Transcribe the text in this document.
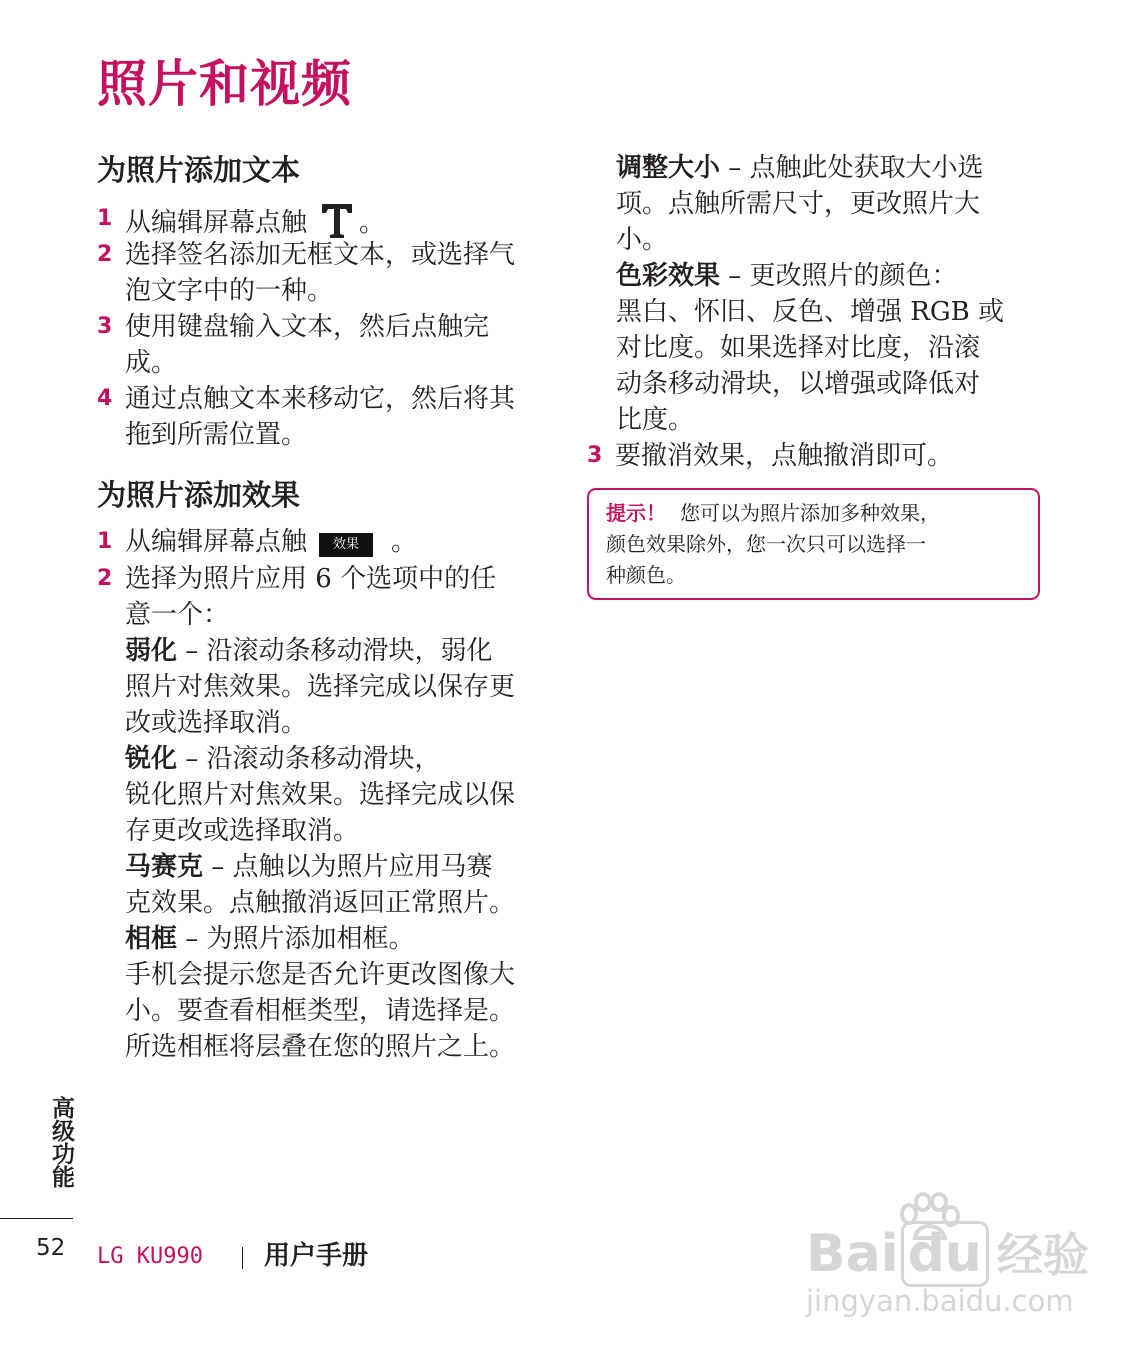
照片和视频
为照片添加文本
1 从编辑屏幕点触 。
2 选择签名添加无框文本，或选择气
泡文字中的一种。
3 使用键盘输入文本，然后点触完
成。
4 通过点触文本来移动它，然后将其
拖到所需位置。
为照片添加效果
1 从编辑屏幕点触 效果 。
2 选择为照片应用 6 个选项中的任
意一个：
弱化 – 沿滚动条移动滑块，弱化
照片对焦效果。选择完成以保存更
改或选择取消。
锐化 – 沿滚动条移动滑块，
锐化照片对焦效果。选择完成以保
存更改或选择取消。
马赛克 – 点触以为照片应用马赛
克效果。点触撤消返回正常照片。
相框 – 为照片添加相框。
手机会提示您是否允许更改图像大
小。要查看相框类型，请选择是。
所选相框将层叠在您的照片之上。
调整大小 – 点触此处获取大小选
项。点触所需尺寸，更改照片大
小。
色彩效果 – 更改照片的颜色：
黑白、怀旧、反色、增强 RGB 或
对比度。如果选择对比度，沿滚
动条移动滑块，以增强或降低对
比度。
3 要撤消效果，点触撤消即可。
提示！ 您可以为照片添加多种效果，
颜色效果除外，您一次只可以选择一
种颜色。
高级功能
52 LG KU990 用户手册	Bai du 经验
jingyan.baidu.com
